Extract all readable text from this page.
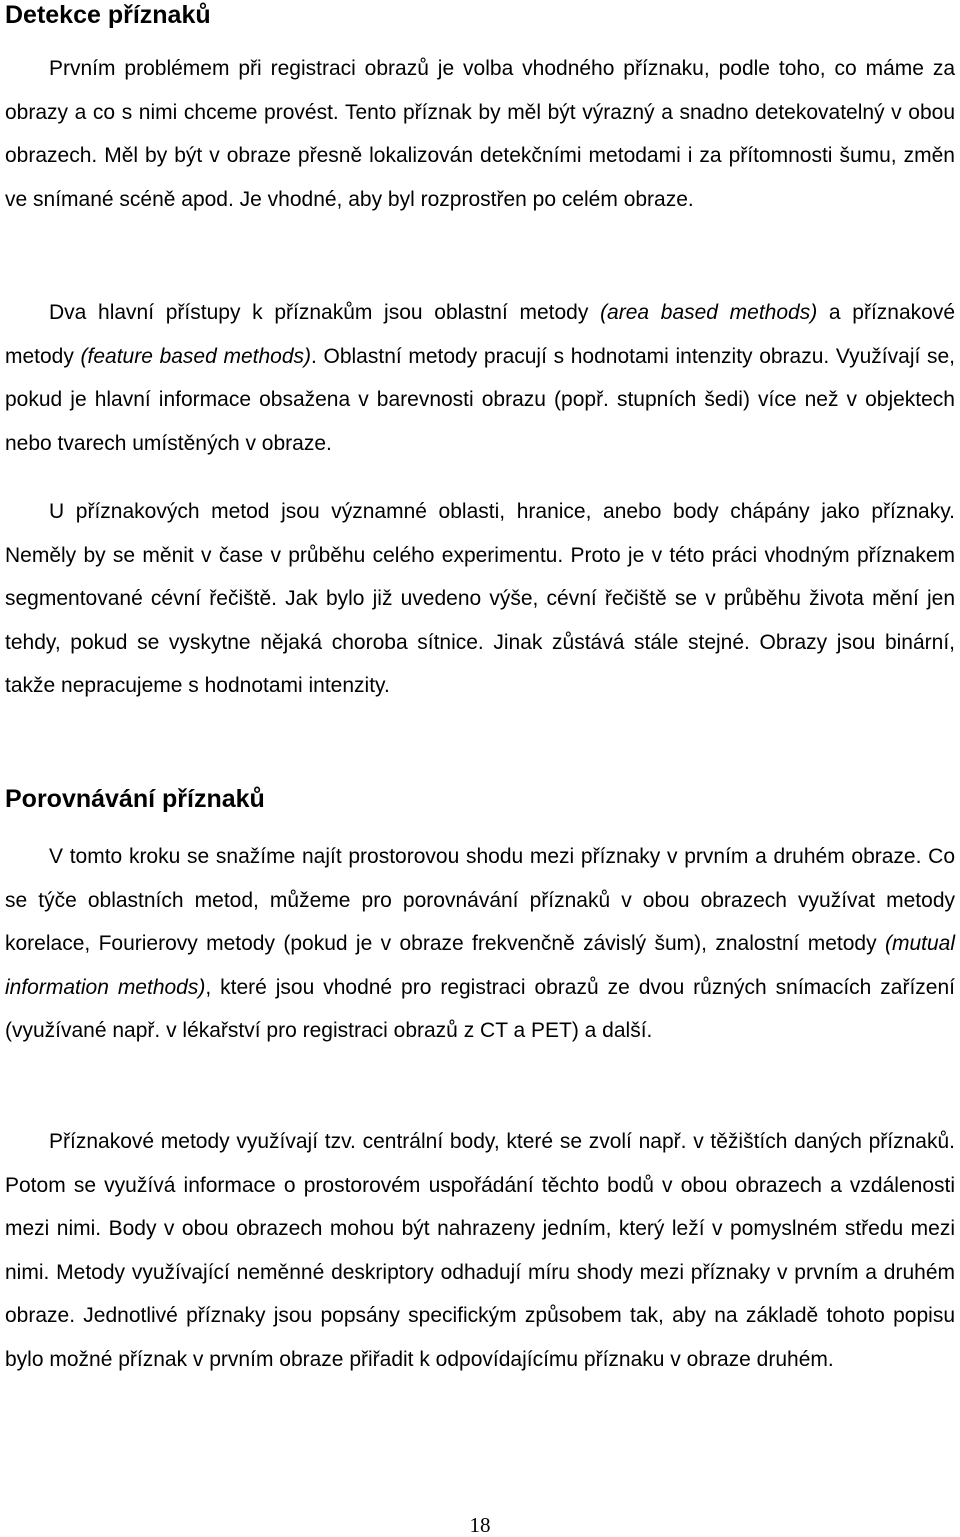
Detekce příznaků

Prvním problémem při registraci obrazů je volba vhodného příznaku, podle toho, co máme za obrazy a co s nimi chceme provést. Tento příznak by měl být výrazný a snadno detekovatelný v obou obrazech. Měl by být v obraze přesně lokalizován detekčními metodami i za přítomnosti šumu, změn ve snímané scéně apod. Je vhodné, aby byl rozprostřen po celém obraze.

Dva hlavní přístupy k příznakům jsou oblastní metody (area based methods) a příznakové metody (feature based methods). Oblastní metody pracují s hodnotami intenzity obrazu. Využívají se, pokud je hlavní informace obsažena v barevnosti obrazu (popř. stupních šedi) více než v objektech nebo tvarech umístěných v obraze.

U příznakových metod jsou významné oblasti, hranice, anebo body chápány jako příznaky. Neměly by se měnit v čase v průběhu celého experimentu. Proto je v této práci vhodným příznakem segmentované cévní řečiště. Jak bylo již uvedeno výše, cévní řečiště se v průběhu života mění jen tehdy, pokud se vyskytne nějaká choroba sítnice. Jinak zůstává stále stejné. Obrazy jsou binární, takže nepracujeme s hodnotami intenzity.

Porovnávání příznaků

V tomto kroku se snažíme najít prostorovou shodu mezi příznaky v prvním a druhém obraze. Co se týče oblastních metod, můžeme pro porovnávání příznaků v obou obrazech využívat metody korelace, Fourierovy metody (pokud je v obraze frekvenčně závislý šum), znalostní metody (mutual information methods), které jsou vhodné pro registraci obrazů ze dvou různých snímacích zařízení (využívané např. v lékařství pro registraci obrazů z CT a PET) a další.

Příznakové metody využívají tzv. centrální body, které se zvolí např. v těžištích daných příznaků. Potom se využívá informace o prostorovém uspořádání těchto bodů v obou obrazech a vzdálenosti mezi nimi. Body v obou obrazech mohou být nahrazeny jedním, který leží v pomyslném středu mezi nimi. Metody využívající neměnné deskriptory odhadují míru shody mezi příznaky v prvním a druhém obraze. Jednotlivé příznaky jsou popsány specifickým způsobem tak, aby na základě tohoto popisu bylo možné příznak v prvním obraze přiřadit k odpovídajícímu příznaku v obraze druhém.

18
